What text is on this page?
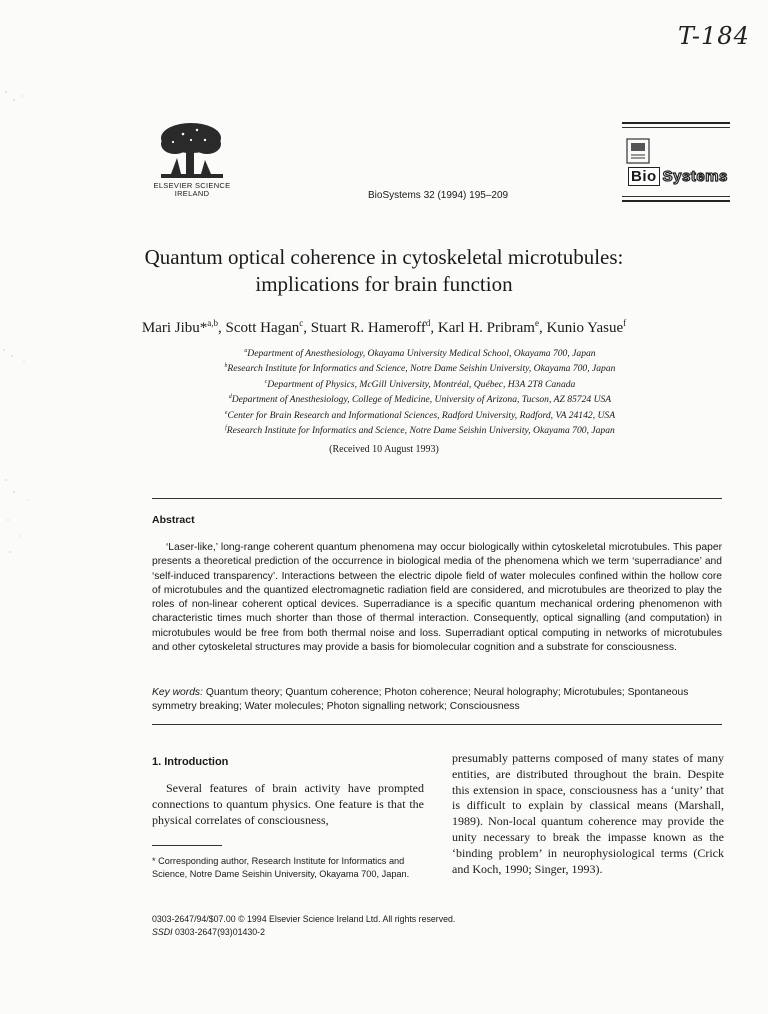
T-184
ELSEVIER SCIENCE
IRELAND	BioSystems 32 (1994) 195–209
Bio Systems
Quantum optical coherence in cytoskeletal microtubules:
implications for brain function
Mari Jibu*$^{a,b}$, Scott Hagan$^c$, Stuart R. Hameroff$^d$, Karl H. Pribram$^e$, Kunio Yasue$^f$
$^a$Department of Anesthesiology, Okayama University Medical School, Okayama 700, Japan
$^b$Research Institute for Informatics and Science, Notre Dame Seishin University, Okayama 700, Japan
$^c$Department of Physics, McGill University, Montréal, Québec, H3A 2T8 Canada
$^d$Department of Anesthesiology, College of Medicine, University of Arizona, Tucson, AZ 85724 USA
$^e$Center for Brain Research and Informational Sciences, Radford University, Radford, VA 24142, USA
$^f$Research Institute for Informatics and Science, Notre Dame Seishin University, Okayama 700, Japan
(Received 10 August 1993)
Abstract
‘Laser-like,’ long-range coherent quantum phenomena may occur biologically within cytoskeletal microtubules. This paper presents a theoretical prediction of the occurrence in biological media of the phenomena which we term ‘superradiance’ and ‘self-induced transparency’. Interactions between the electric dipole field of water molecules confined within the hollow core of microtubules and the quantized electromagnetic radiation field are considered, and microtubules are theorized to play the roles of non-linear coherent optical devices. Superradiance is a specific quantum mechanical ordering phenomenon with characteristic times much shorter than those of thermal interaction. Consequently, optical signalling (and computation) in microtubules would be free from both thermal noise and loss. Superradiant optical computing in networks of microtubules and other cytoskeletal structures may provide a basis for biomolecular cognition and a substrate for consciousness.
Key words: Quantum theory; Quantum coherence; Photon coherence; Neural holography; Microtubules; Spontaneous symmetry breaking; Water molecules; Photon signalling network; Consciousness
1. Introduction
Several features of brain activity have prompted connections to quantum physics. One feature is that the physical correlates of consciousness,
presumably patterns composed of many states of many entities, are distributed throughout the brain. Despite this extension in space, consciousness has a ‘unity’ that is difficult to explain by classical means (Marshall, 1989). Non-local quantum coherence may provide the unity necessary to break the impasse known as the ‘binding problem’ in neurophysiological terms (Crick and Koch, 1990; Singer, 1993).
* Corresponding author, Research Institute for Informatics and Science, Notre Dame Seishin University, Okayama 700, Japan.
0303-2647/94/$07.00 © 1994 Elsevier Science Ireland Ltd. All rights reserved.
SSDI 0303-2647(93)01430-2
